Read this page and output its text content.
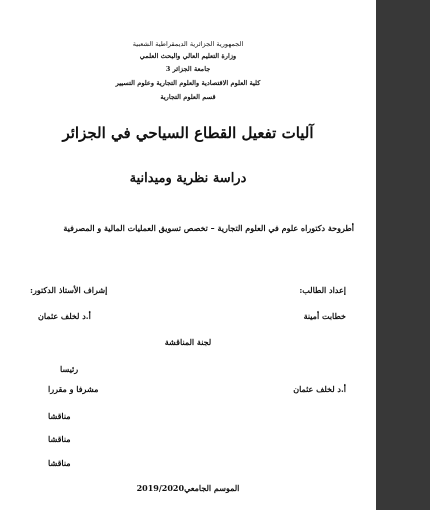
الجمهورية الجزائرية الديمقراطية الشعبية
وزارة التعليم العالي والبحث العلمي
جامعة الجزائر 3
كلية العلوم الاقتصادية والعلوم التجارية وعلوم التسيير
قسم العلوم التجارية
آليات تفعيل القطاع السياحي في الجزائر
دراسة نظرية وميدانية
أطروحة دكتوراه علوم في العلوم التجارية – تخصص تسويق العمليات المالية و المصرفية
إعداد الطالب:
إشراف الأستاذ الدكتور:
خطابت أمينة
أ.د لخلف عثمان
لجنة المناقشة
رئيسا
أ.د لخلف عثمان
مشرفا و مقررا
مناقشا
مناقشا
مناقشا
الموسم الجامعي2019/2020
